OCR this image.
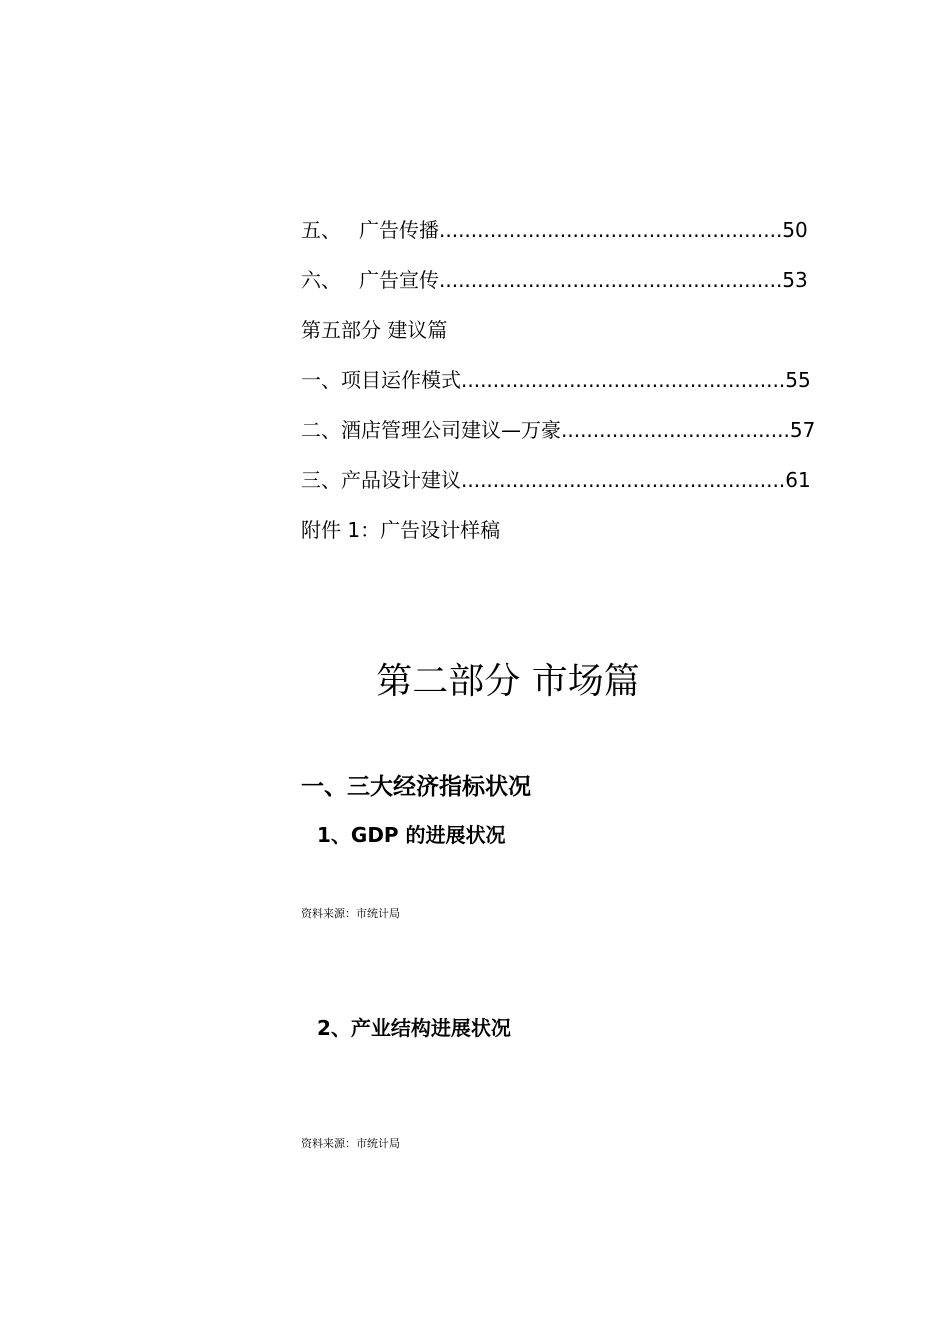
五、 广告传播......................................................50
六、 广告宣传......................................................53
第五部分 建议篇
一、项目运作模式...................................................55
二、酒店管理公司建议—万豪....................................57
三、产品设计建议...................................................61
附件 1：广告设计样稿
第二部分 市场篇
一、三大经济指标状况
1、GDP 的进展状况
资料来源：市统计局
2、产业结构进展状况
资料来源：市统计局
